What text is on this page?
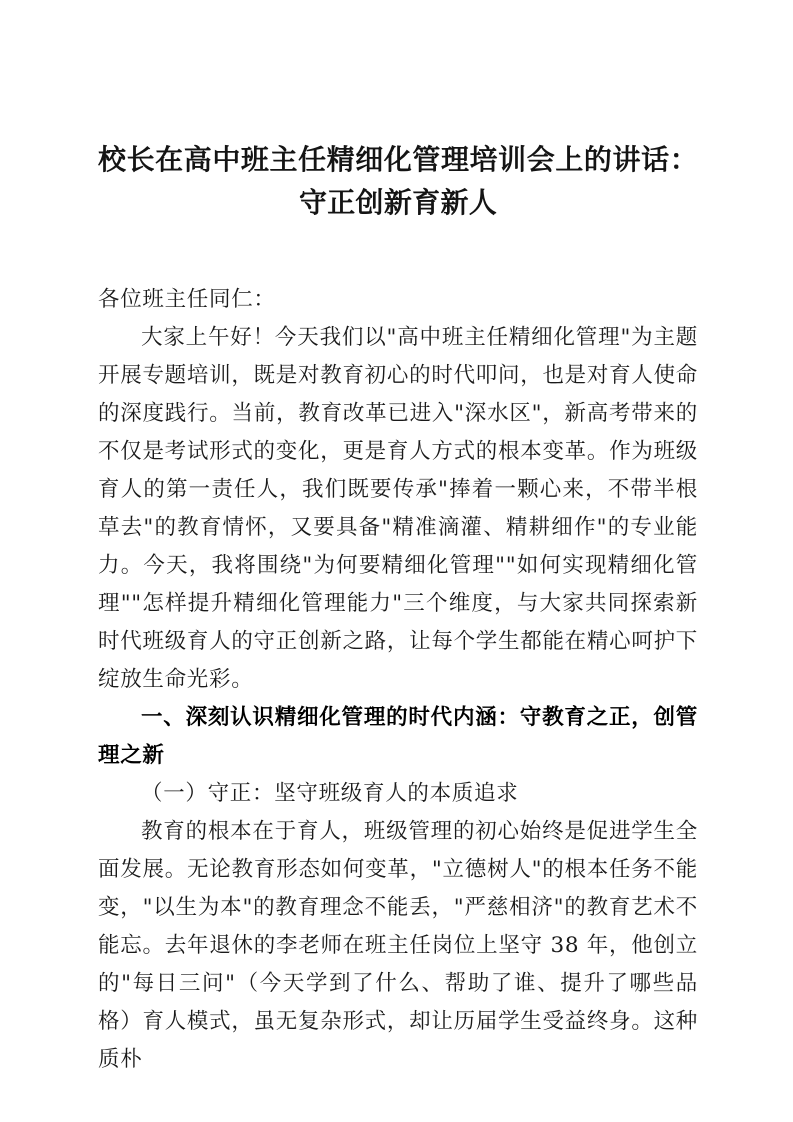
校长在高中班主任精细化管理培训会上的讲话：守正创新育新人

各位班主任同仁：

大家上午好！今天我们以"高中班主任精细化管理"为主题开展专题培训，既是对教育初心的时代叩问，也是对育人使命的深度践行。当前，教育改革已进入"深水区"，新高考带来的不仅是考试形式的变化，更是育人方式的根本变革。作为班级育人的第一责任人，我们既要传承"捧着一颗心来，不带半根草去"的教育情怀，又要具备"精准滴灌、精耕细作"的专业能力。今天，我将围绕"为何要精细化管理""如何实现精细化管理""怎样提升精细化管理能力"三个维度，与大家共同探索新时代班级育人的守正创新之路，让每个学生都能在精心呵护下绽放生命光彩。

一、深刻认识精细化管理的时代内涵：守教育之正，创管理之新

（一）守正：坚守班级育人的本质追求

教育的根本在于育人，班级管理的初心始终是促进学生全面发展。无论教育形态如何变革，"立德树人"的根本任务不能变，"以生为本"的教育理念不能丢，"严慈相济"的教育艺术不能忘。去年退休的李老师在班主任岗位上坚守 38 年，他创立的"每日三问"（今天学到了什么、帮助了谁、提升了哪些品格）育人模式，虽无复杂形式，却让历届学生受益终身。这种质朴
